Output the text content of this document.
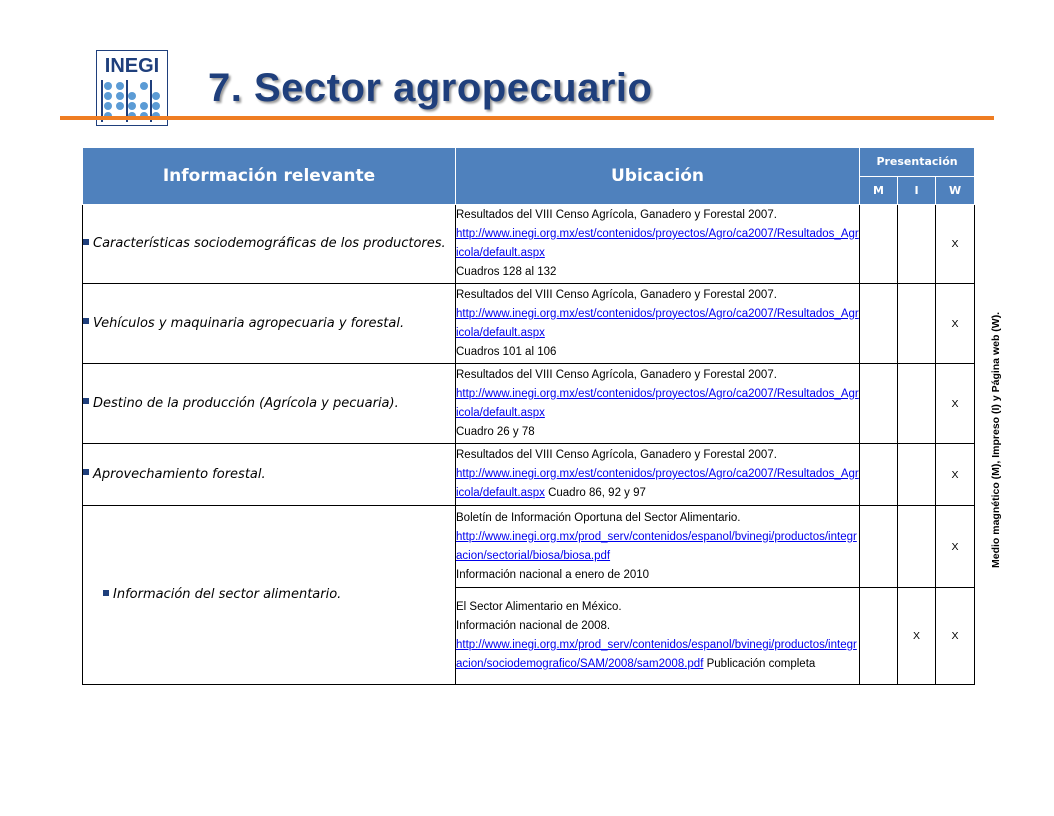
INEGI 7. Sector agropecuario
Información relevante	Ubicación	Presentación		
		M	I	W
Características sociodemográficas de los productores.	Resultados del VIII Censo Agrícola, Ganadero y Forestal 2007.
http://www.inegi.org.mx/est/contenidos/proyectos/Agro/ca2007/Resultados_Agricola/default.aspx
Cuadros 128 al 132			X
Vehículos y maquinaria agropecuaria y forestal.	Resultados del VIII Censo Agrícola, Ganadero y Forestal 2007.
http://www.inegi.org.mx/est/contenidos/proyectos/Agro/ca2007/Resultados_Agricola/default.aspx
Cuadros 101 al 106			X
Destino de la producción (Agrícola y pecuaria).	Resultados del VIII Censo Agrícola, Ganadero y Forestal 2007.
http://www.inegi.org.mx/est/contenidos/proyectos/Agro/ca2007/Resultados_Agricola/default.aspx
Cuadro 26 y 78			X
Aprovechamiento forestal.	Resultados del VIII Censo Agrícola, Ganadero y Forestal 2007.
http://www.inegi.org.mx/est/contenidos/proyectos/Agro/ca2007/Resultados_Agricola/default.aspx Cuadro 86, 92 y 97			X
Información del sector alimentario.	Boletín de Información Oportuna del Sector Alimentario.
http://www.inegi.org.mx/prod_serv/contenidos/espanol/bvinegi/productos/integracion/sectorial/biosa/biosa.pdf
Información nacional a enero de 2010			X

	El Sector Alimentario en México.
Información nacional de 2008.
http://www.inegi.org.mx/prod_serv/contenidos/espanol/bvinegi/productos/integracion/sociodemografico/SAM/2008/sam2008.pdf Publicación completa		X	X
Medio magnético (M), Impreso (I) y Página web (W).
